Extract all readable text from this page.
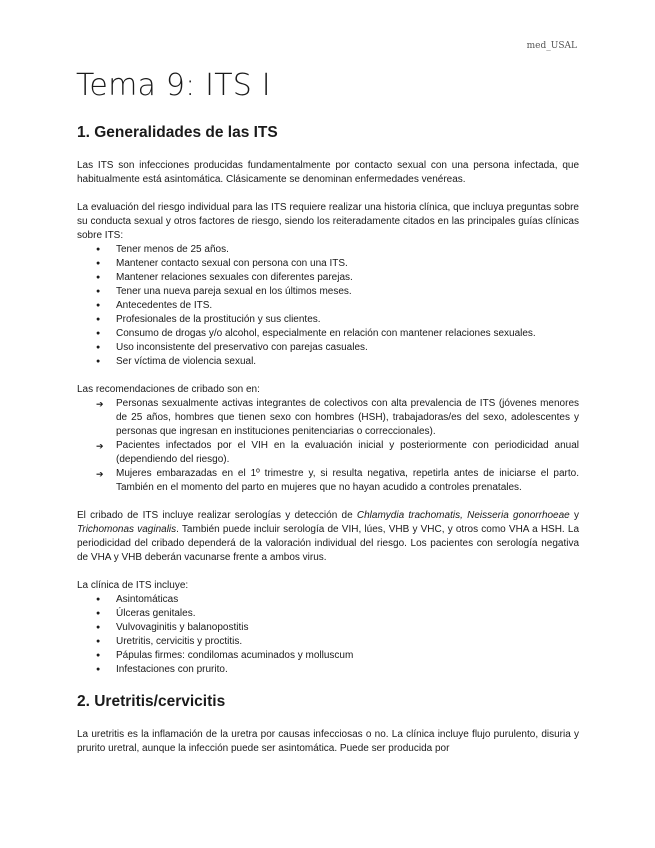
med_USAL
Tema 9: ITS I
1. Generalidades de las ITS

Las ITS son infecciones producidas fundamentalmente por contacto sexual con una persona infectada, que habitualmente está asintomática. Clásicamente se denominan enfermedades venéreas.

La evaluación del riesgo individual para las ITS requiere realizar una historia clínica, que incluya preguntas sobre su conducta sexual y otros factores de riesgo, siendo los reiteradamente citados en las principales guías clínicas sobre ITS:

● Tener menos de 25 años.
● Mantener contacto sexual con persona con una ITS.
● Mantener relaciones sexuales con diferentes parejas.
● Tener una nueva pareja sexual en los últimos meses.
● Antecedentes de ITS.
● Profesionales de la prostitución y sus clientes.
● Consumo de drogas y/o alcohol, especialmente en relación con mantener relaciones sexuales.
● Uso inconsistente del preservativo con parejas casuales.
● Ser víctima de violencia sexual.

Las recomendaciones de cribado son en:

➔ Personas sexualmente activas integrantes de colectivos con alta prevalencia de ITS (jóvenes menores de 25 años, hombres que tienen sexo con hombres (HSH), trabajadoras/es del sexo, adolescentes y personas que ingresan en instituciones penitenciarias o correccionales).
➔ Pacientes infectados por el VIH en la evaluación inicial y posteriormente con periodicidad anual (dependiendo del riesgo).
➔ Mujeres embarazadas en el 1º trimestre y, si resulta negativa, repetirla antes de iniciarse el parto. También en el momento del parto en mujeres que no hayan acudido a controles prenatales.

El cribado de ITS incluye realizar serologías y detección de Chlamydia trachomatis, Neisseria gonorrhoeae y Trichomonas vaginalis. También puede incluir serología de VIH, lúes, VHB y VHC, y otros como VHA a HSH. La periodicidad del cribado dependerá de la valoración individual del riesgo. Los pacientes con serología negativa de VHA y VHB deberán vacunarse frente a ambos virus.

La clínica de ITS incluye:

● Asintomáticas
● Úlceras genitales.
● Vulvovaginitis y balanopostitis
● Uretritis, cervicitis y proctitis.
● Pápulas firmes: condilomas acuminados y molluscum
● Infestaciones con prurito.
2. Uretritis/cervicitis

La uretritis es la inflamación de la uretra por causas infecciosas o no. La clínica incluye flujo purulento, disuria y prurito uretral, aunque la infección puede ser asintomática. Puede ser producida por
